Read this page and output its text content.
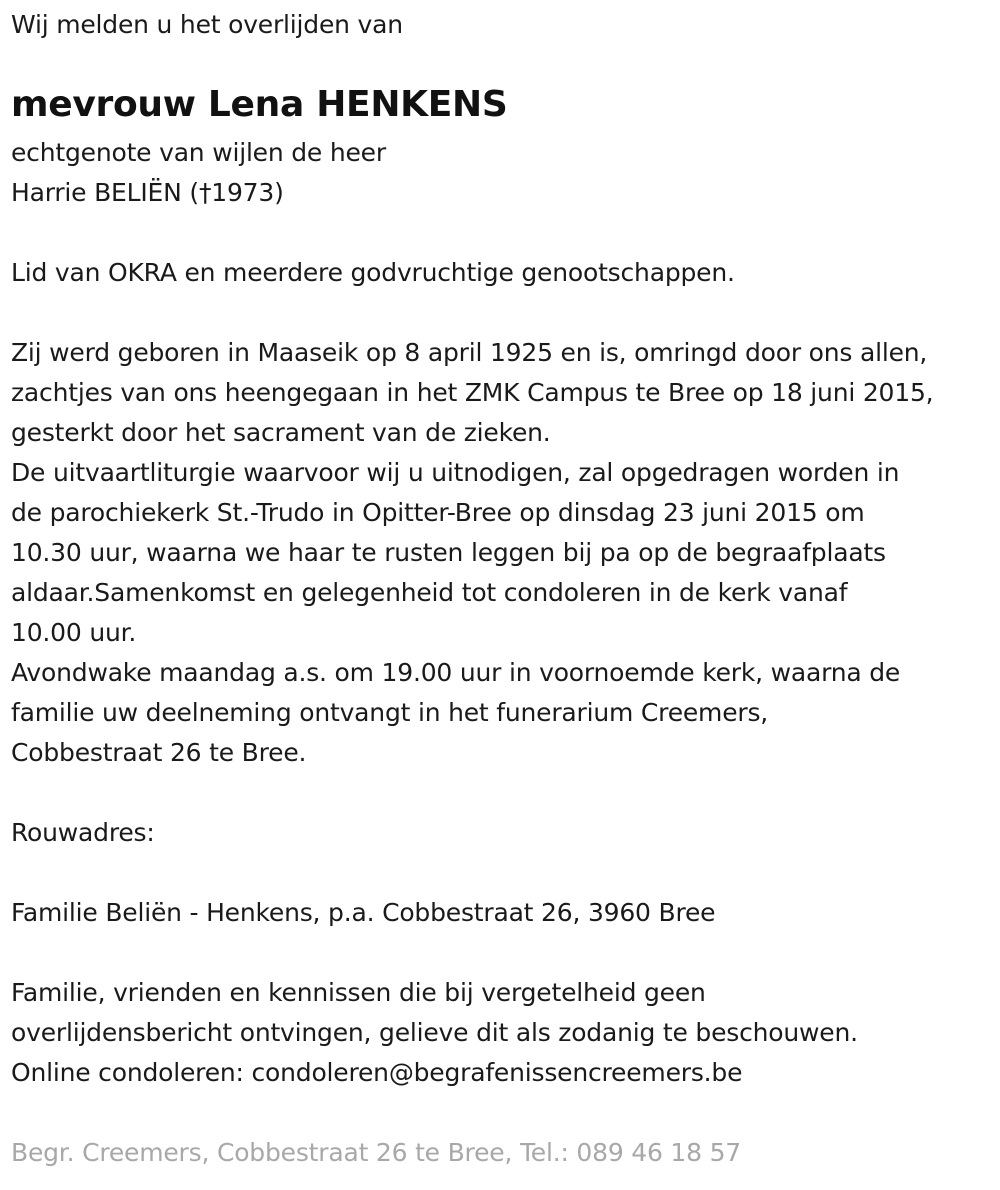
Wij melden u het overlijden van
mevrouw Lena HENKENS
echtgenote van wijlen de heer
Harrie BELIËN (†1973)
Lid van OKRA en meerdere godvruchtige genootschappen.
Zij werd geboren in Maaseik op 8 april 1925 en is, omringd door ons allen,
zachtjes van ons heengegaan in het ZMK Campus te Bree op 18 juni 2015,
gesterkt door het sacrament van de zieken.
De uitvaartliturgie waarvoor wij u uitnodigen, zal opgedragen worden in
de parochiekerk St.-Trudo in Opitter-Bree op dinsdag 23 juni 2015 om
10.30 uur, waarna we haar te rusten leggen bij pa op de begraafplaats
aldaar.Samenkomst en gelegenheid tot condoleren in de kerk vanaf
10.00 uur.
Avondwake maandag a.s. om 19.00 uur in voornoemde kerk, waarna de
familie uw deelneming ontvangt in het funerarium Creemers,
Cobbestraat 26 te Bree.
Rouwadres:
Familie Beliën - Henkens, p.a. Cobbestraat 26, 3960 Bree
Familie, vrienden en kennissen die bij vergetelheid geen
overlijdensbericht ontvingen, gelieve dit als zodanig te beschouwen.
Online condoleren: condoleren@begrafenissencreemers.be
Begr. Creemers, Cobbestraat 26 te Bree, Tel.: 089 46 18 57
